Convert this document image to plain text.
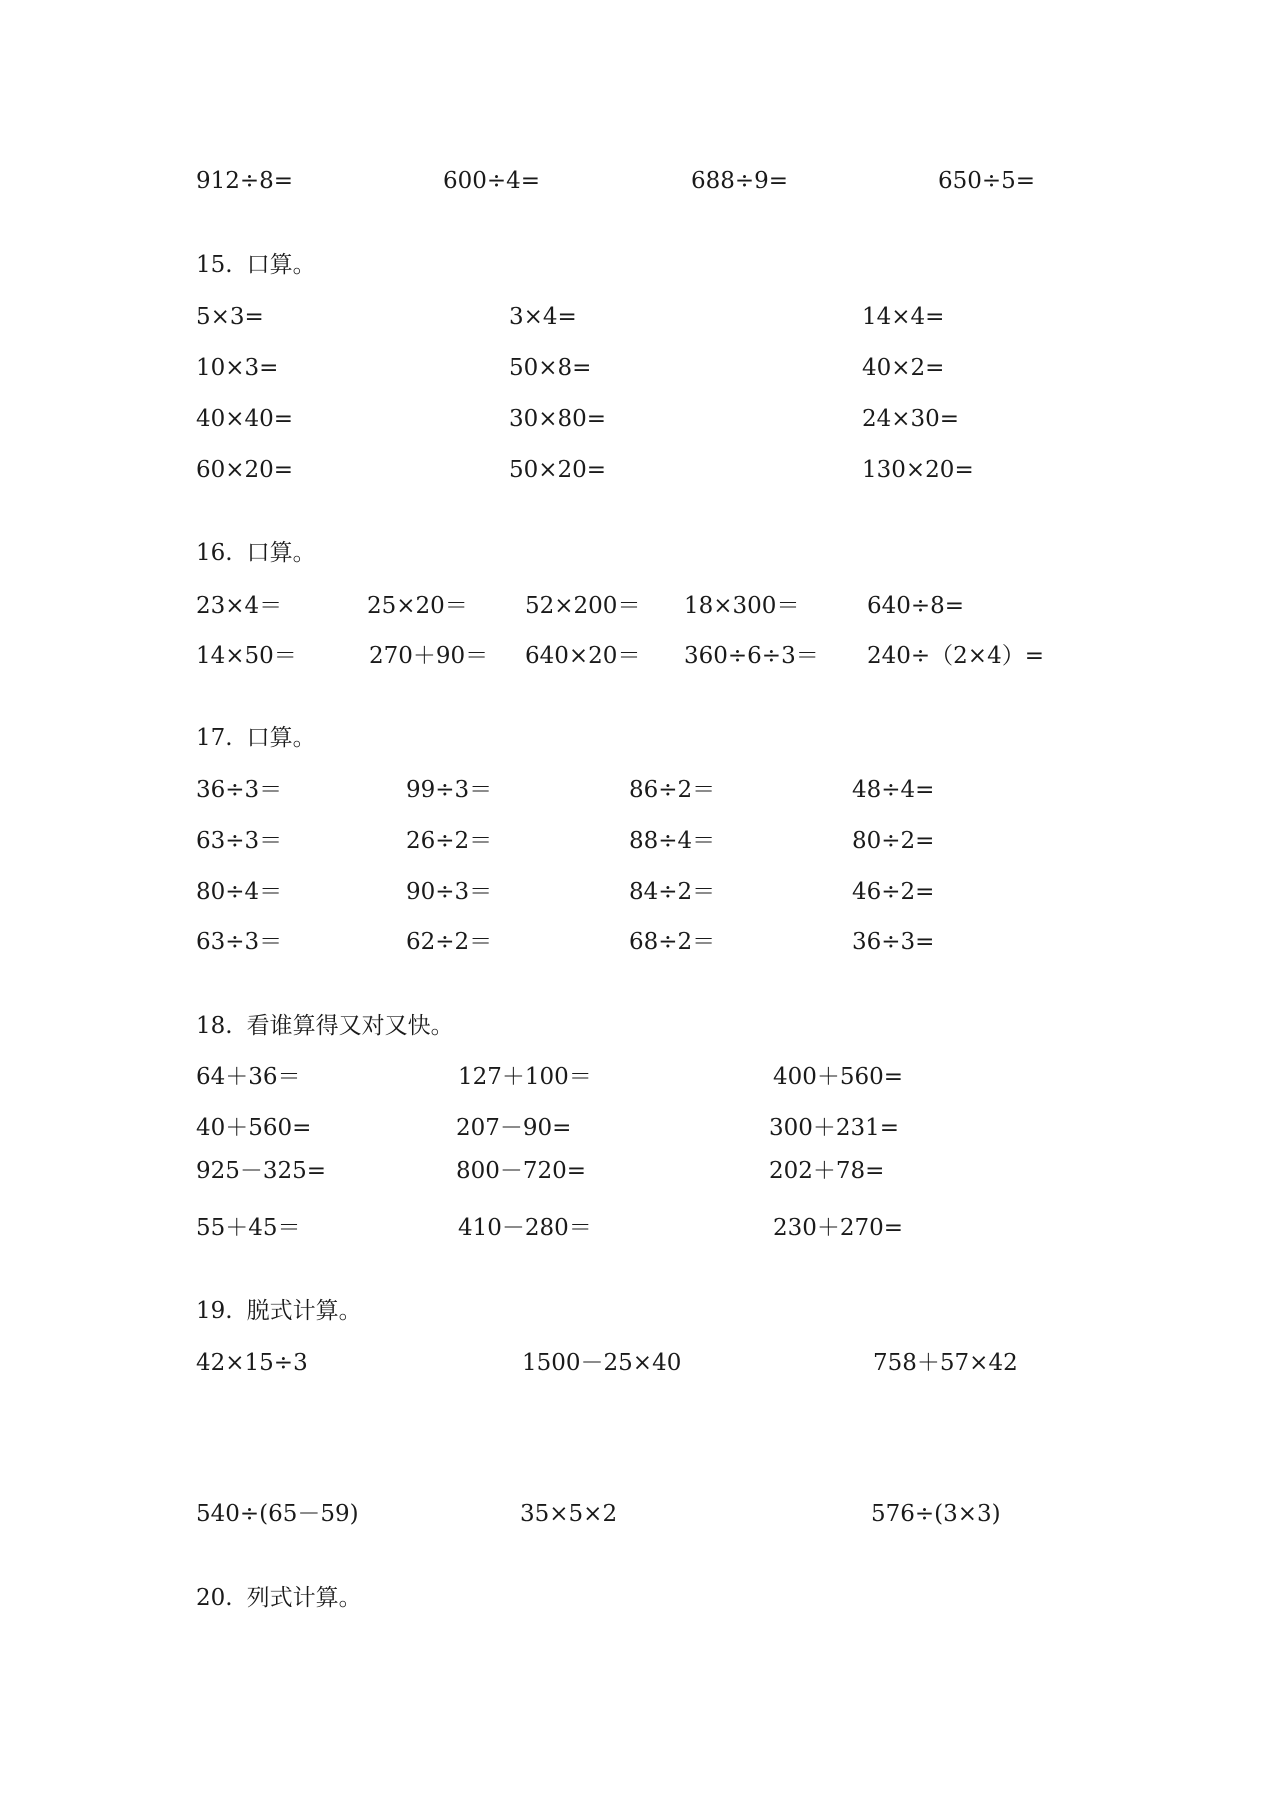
912÷8=	600÷4=	688÷9=	650÷5=
15. 口算。
5×3=	3×4=	14×4=
10×3=	50×8=	40×2=
40×40=	30×80=	24×30=
60×20=	50×20=	130×20=
16. 口算。
23×4＝	25×20＝ 52×200＝ 18×300＝	640÷8=
14×50＝	270＋90＝ 640×20＝ 360÷6÷3＝ 240÷（2×4）=
17. 口算。
36÷3＝	99÷3＝	86÷2＝	48÷4=
63÷3＝	26÷2＝	88÷4＝	80÷2=
80÷4＝	90÷3＝	84÷2＝	46÷2=
63÷3＝	62÷2＝	68÷2＝	36÷3=
18. 看谁算得又对又快。
64＋36＝	127＋100＝	400＋560=
40＋560=	207－90=	300＋231=
925－325=	800－720=	202＋78=
55＋45＝	410－280＝	230＋270=
19. 脱式计算。
42×15÷3	1500－25×40	758＋57×42
540÷(65－59)	35×5×2	576÷(3×3)
20. 列式计算。
